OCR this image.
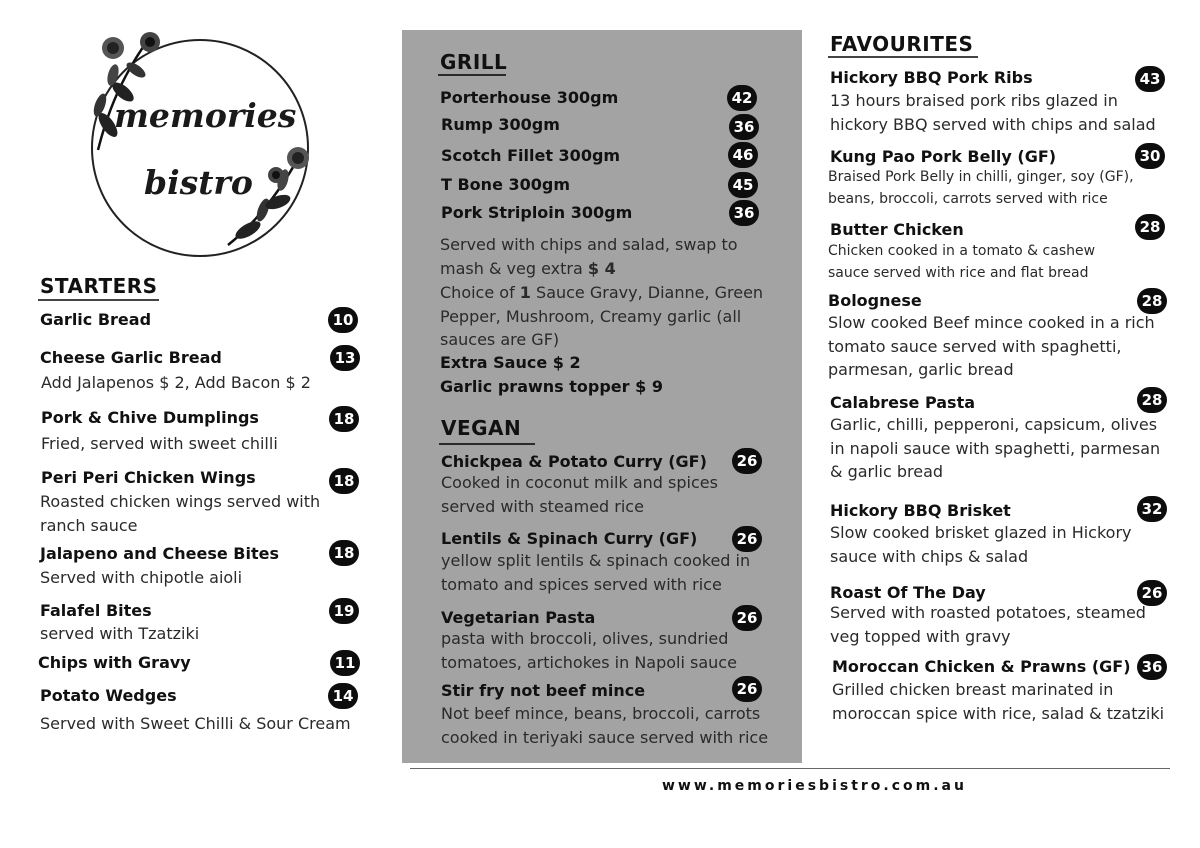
memories
bistro
STARTERS
Garlic Bread	10
Cheese Garlic Bread	13
Add Jalapenos $ 2, Add Bacon $ 2
Pork & Chive Dumplings	18
Fried, served with sweet chilli
Peri Peri Chicken Wings	18
Roasted chicken wings served with ranch sauce
Jalapeno and Cheese Bites	18
Served with chipotle aioli
Falafel Bites	19
served with Tzatziki
Chips with Gravy	11
Potato Wedges	14
Served with Sweet Chilli & Sour Cream
GRILL
Porterhouse 300gm	42
Rump 300gm	36
Scotch Fillet 300gm	46
T Bone 300gm	45
Pork Striploin 300gm	36
Served with chips and salad, swap to mash & veg extra $ 4
Choice of 1 Sauce Gravy, Dianne, Green Pepper, Mushroom, Creamy garlic (all sauces are GF)
Extra Sauce $ 2
Garlic prawns topper $ 9
VEGAN
Chickpea & Potato Curry (GF)	26
Cooked in coconut milk and spices served with steamed rice
Lentils & Spinach Curry (GF)	26
yellow split lentils & spinach cooked in tomato and spices served with rice
Vegetarian Pasta	26
pasta with broccoli, olives, sundried tomatoes, artichokes in Napoli sauce
Stir fry not beef mince	26
Not beef mince, beans, broccoli, carrots cooked in teriyaki sauce served with rice
FAVOURITES
Hickory BBQ Pork Ribs	43
13 hours braised pork ribs glazed in hickory BBQ served with chips and salad
Kung Pao Pork Belly (GF)	30
Braised Pork Belly in chilli, ginger, soy (GF), beans, broccoli, carrots served with rice
Butter Chicken	28
Chicken cooked in a tomato & cashew sauce served with rice and flat bread
Bolognese	28
Slow cooked Beef mince cooked in a rich tomato sauce served with spaghetti, parmesan, garlic bread
Calabrese Pasta	28
Garlic, chilli, pepperoni, capsicum, olives in napoli sauce with spaghetti, parmesan & garlic bread
Hickory BBQ Brisket	32
Slow cooked brisket glazed in Hickory sauce with chips & salad
Roast Of The Day	26
Served with roasted potatoes, steamed veg topped with gravy
Moroccan Chicken & Prawns (GF) 36
Grilled chicken breast marinated in moroccan spice with rice, salad & tzatziki
www.memoriesbistro.com.au
